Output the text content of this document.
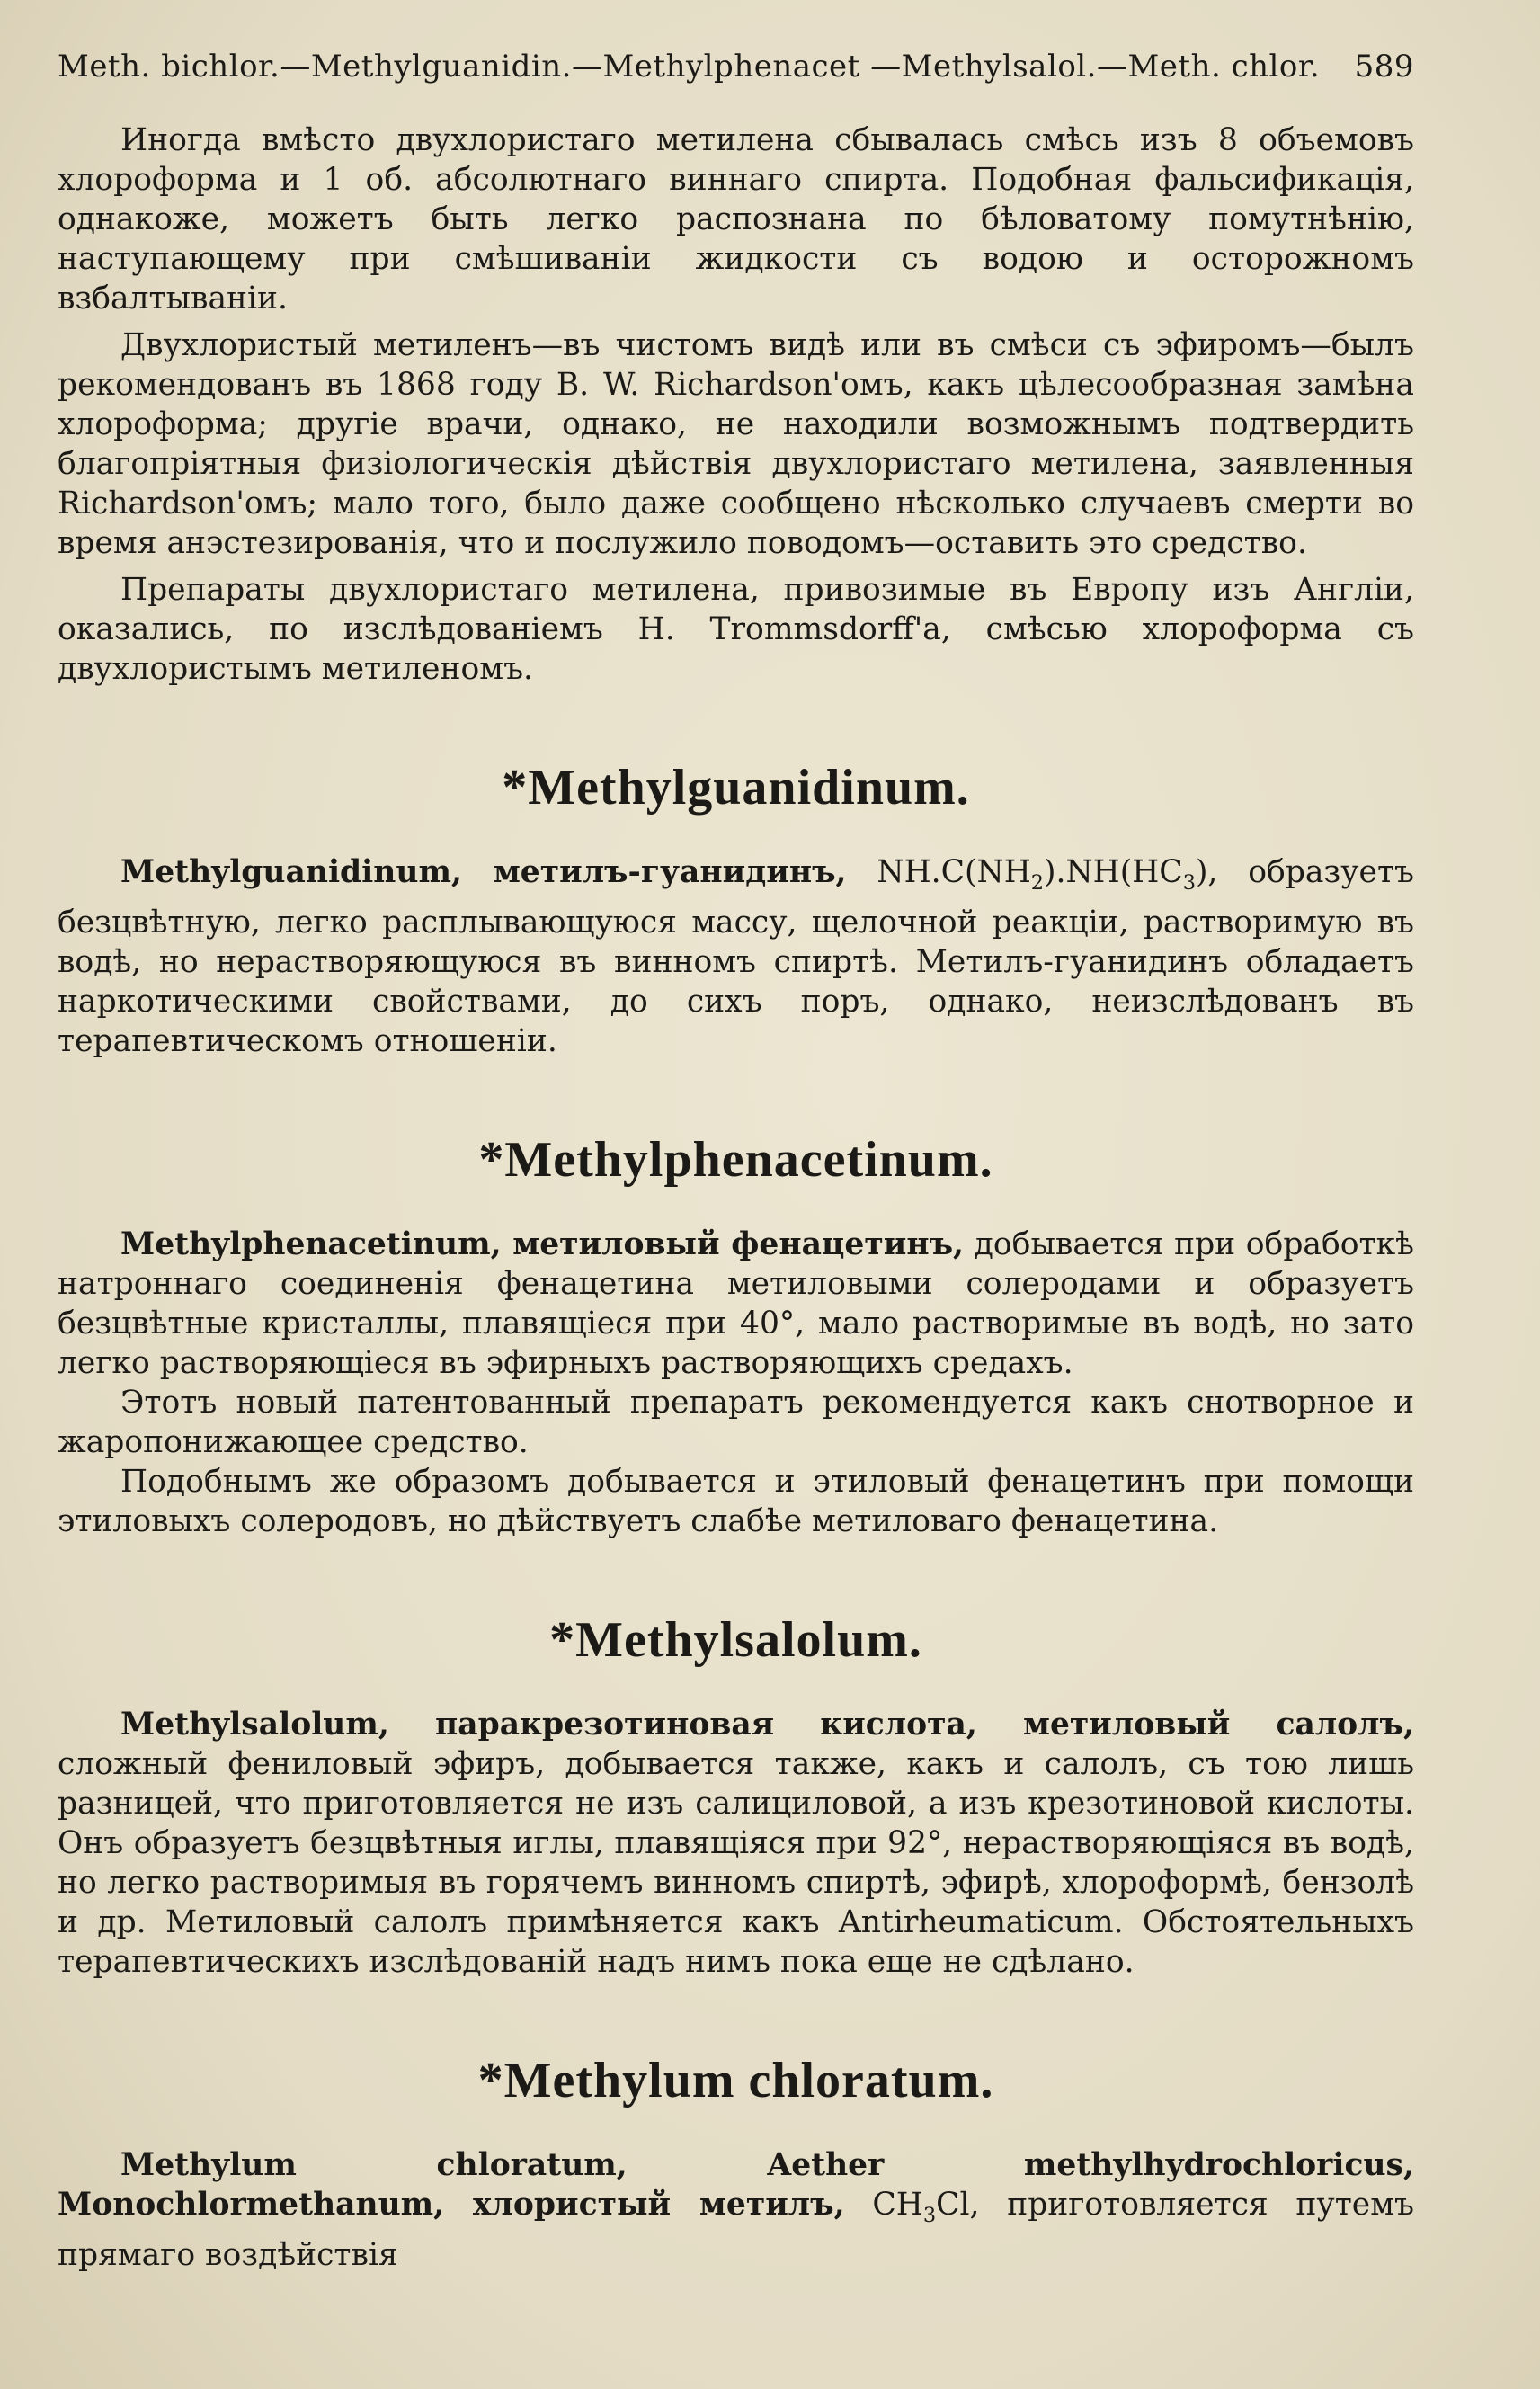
Meth. bichlor.—Methylguanidin.—Methylphenacet —Methylsalol.—Meth. chlor. 589

Иногда вмѣсто двухлористаго метилена сбывалась смѣсь изъ 8 объемовъ хлороформа и 1 об. абсолютнаго виннаго спирта. Подобная фальсификація, однакоже, можетъ быть легко распознана по бѣловатому помутнѣнію, наступающему при смѣшиваніи жидкости съ водою и осторожномъ взбалтываніи.

Двухлористый метиленъ—въ чистомъ видѣ или въ смѣси съ эфиромъ—былъ рекомендованъ въ 1868 году B. W. Richardson'омъ, какъ цѣлесообразная замѣна хлороформа; другіе врачи, однако, не находили возможнымъ подтвердить благопріятныя физіологическія дѣйствія двухлористаго метилена, заявленныя Richardson'омъ; мало того, было даже сообщено нѣсколько случаевъ смерти во время анэстезированія, что и послужило поводомъ—оставить это средство.

Препараты двухлористаго метилена, привозимые въ Европу изъ Англіи, оказались, по изслѣдованіемъ H. Trommsdorff'a, смѣсью хлороформа съ двухлористымъ метиленомъ.

*Methylguanidinum.

Methylguanidinum, метилъ-гуанидинъ, $NH.C(NH_2).NH(HC_3)$, образуетъ безцвѣтную, легко расплывающуюся массу, щелочной реакціи, растворимую въ водѣ, но нерастворяющуюся въ винномъ спиртѣ. Метилъ-гуанидинъ обладаетъ наркотическими свойствами, до сихъ поръ, однако, неизслѣдованъ въ терапевтическомъ отношеніи.

*Methylphenacetinum.

Methylphenacetinum, метиловый фенацетинъ, добывается при обработкѣ натроннаго соединенія фенацетина метиловыми солеродами и образуетъ безцвѣтные кристаллы, плавящіеся при 40°, мало растворимые въ водѣ, но зато легко растворяющіеся въ эфирныхъ растворяющихъ средахъ.

Этотъ новый патентованный препаратъ рекомендуется какъ снотворное и жаропонижающее средство.

Подобнымъ же образомъ добывается и этиловый фенацетинъ при помощи этиловыхъ солеродовъ, но дѣйствуетъ слабѣе метиловаго фенацетина.

*Methylsalolum.

Methylsalolum, паракрезотиновая кислота, метиловый салолъ, сложный фениловый эфиръ, добывается также, какъ и салолъ, съ тою лишь разницей, что приготовляется не изъ салициловой, а изъ крезотиновой кислоты. Онъ образуетъ безцвѣтныя иглы, плавящіяся при 92°, нерастворяющіяся въ водѣ, но легко растворимыя въ горячемъ винномъ спиртѣ, эфирѣ, хлороформѣ, бензолѣ и др. Метиловый салолъ примѣняется какъ Antirheumaticum. Обстоятельныхъ терапевтическихъ изслѣдованій надъ нимъ пока еще не сдѣлано.

*Methylum chloratum.

Methylum chloratum, Aether methylhydrochloricus, Monochlormethanum, хлористый метилъ, $CH_3Cl$, приготовляется путемъ прямаго воздѣйствія
